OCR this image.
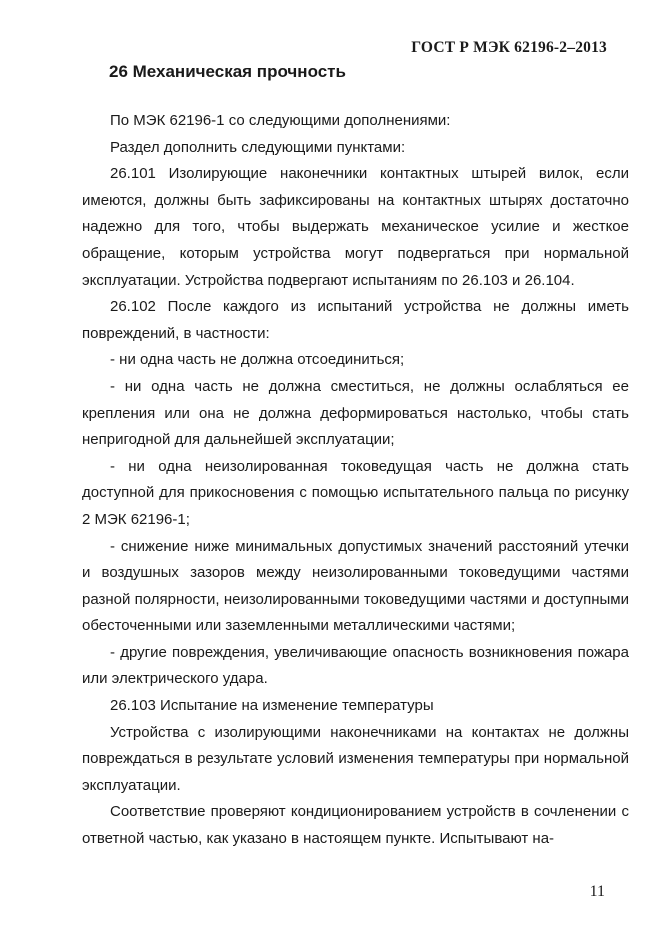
ГОСТ Р МЭК 62196-2–2013
26 Механическая прочность

По МЭК 62196-1 со следующими дополнениями:

Раздел дополнить следующими пунктами:

26.101 Изолирующие наконечники контактных штырей вилок, если имеются, должны быть зафиксированы на контактных штырях достаточно надежно для того, чтобы выдержать механическое усилие и жесткое обращение, которым устройства могут подвергаться при нормальной эксплуатации. Устройства подвергают испытаниям по 26.103 и 26.104.

26.102 После каждого из испытаний устройства не должны иметь повреждений, в частности:

- ни одна часть не должна отсоединиться;

- ни одна часть не должна сместиться, не должны ослабляться ее крепления или она не должна деформироваться настолько, чтобы стать непригодной для дальнейшей эксплуатации;

- ни одна неизолированная токоведущая часть не должна стать доступной для прикосновения с помощью испытательного пальца по рисунку 2 МЭК 62196-1;

- снижение ниже минимальных допустимых значений расстояний утечки и воздушных зазоров между неизолированными токоведущими частями разной полярности, неизолированными токоведущими частями и доступными обесточенными или заземленными металлическими частями;

- другие повреждения, увеличивающие опасность возникновения пожара или электрического удара.

26.103 Испытание на изменение температуры

Устройства с изолирующими наконечниками на контактах не должны повреждаться в результате условий изменения температуры при нормальной эксплуатации.

Соответствие проверяют кондиционированием устройств в сочленении с ответной частью, как указано в настоящем пункте. Испытывают на-

11
